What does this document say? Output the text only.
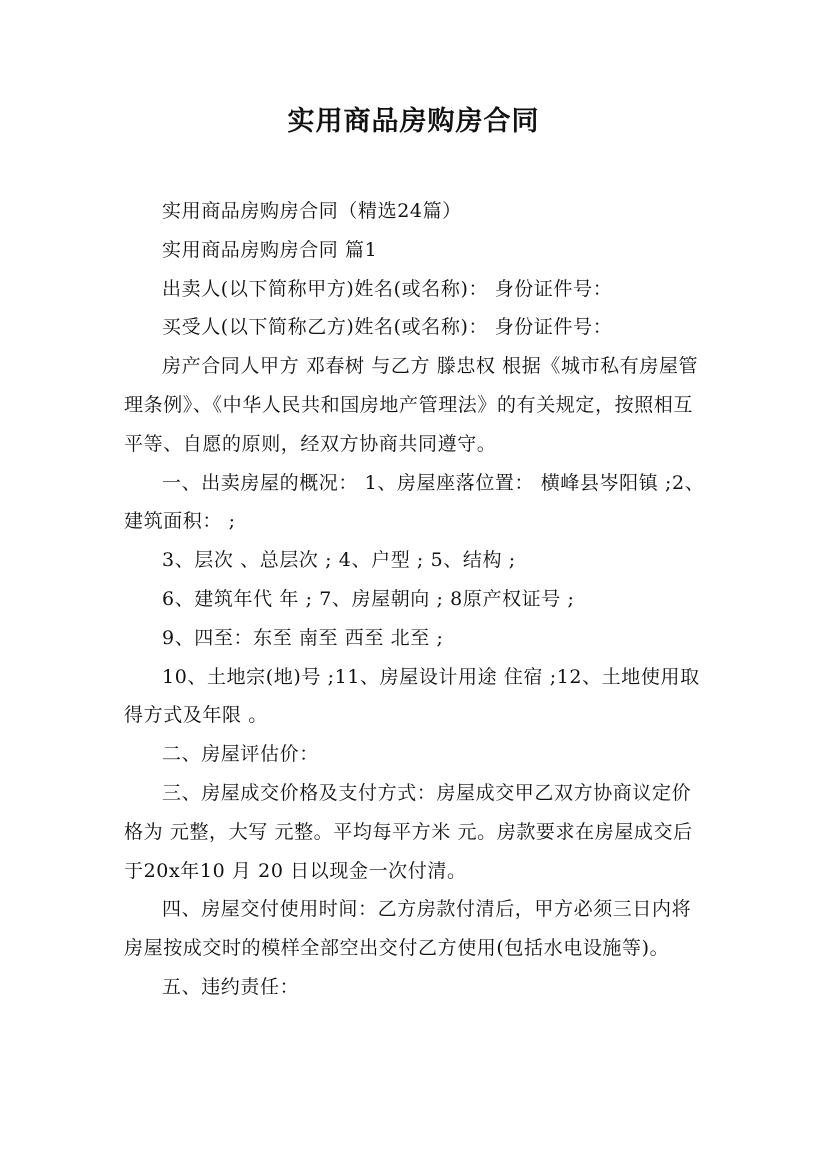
实用商品房购房合同

实用商品房购房合同（精选24篇）

实用商品房购房合同 篇1

出卖人(以下简称甲方)姓名(或名称)： 身份证件号：

买受人(以下简称乙方)姓名(或名称)： 身份证件号：

房产合同人甲方 邓春树 与乙方 滕忠权 根据《城市私有房屋管理条例》、《中华人民共和国房地产管理法》的有关规定，按照相互平等、自愿的原则，经双方协商共同遵守。

一、出卖房屋的概况： 1、房屋座落位置： 横峰县岑阳镇 ;2、建筑面积： ;

3、层次 、总层次 ; 4、户型 ; 5、结构 ;

6、建筑年代 年 ; 7、房屋朝向 ; 8原产权证号 ;

9、四至：东至 南至 西至 北至 ;

10、土地宗(地)号 ;11、房屋设计用途 住宿 ;12、土地使用取得方式及年限 。

二、房屋评估价：

三、房屋成交价格及支付方式：房屋成交甲乙双方协商议定价格为 元整，大写 元整。平均每平方米 元。房款要求在房屋成交后于20x年10 月 20 日以现金一次付清。

四、房屋交付使用时间：乙方房款付清后，甲方必须三日内将房屋按成交时的模样全部空出交付乙方使用(包括水电设施等)。

五、违约责任：
